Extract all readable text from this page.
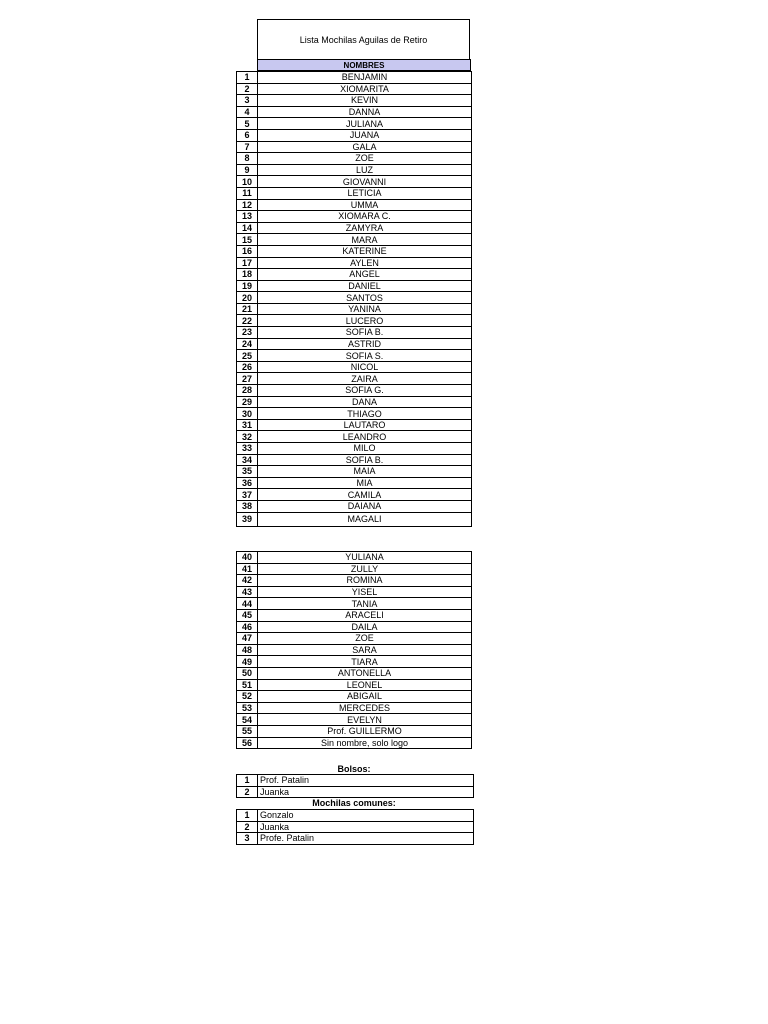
Lista Mochilas Aguilas de Retiro
NOMBRES
1	BENJAMIN
2	XIOMARITA
3	KEVIN
4	DANNA
5	JULIANA
6	JUANA
7	GALA
8	ZOE
9	LUZ
10	GIOVANNI
11	LETICIA
12	UMMA
13	XIOMARA C.
14	ZAMYRA
15	MARA
16	KATERINE
17	AYLEN
18	ANGEL
19	DANIEL
20	SANTOS
21	YANINA
22	LUCERO
23	SOFIA B.
24	ASTRID
25	SOFIA S.
26	NICOL
27	ZAIRA
28	SOFIA G.
29	DANA
30	THIAGO
31	LAUTARO
32	LEANDRO
33	MILO
34	SOFIA B.
35	MAIA
36	MIA
37	CAMILA
38	DAIANA
39	MAGALI
40	YULIANA
41	ZULLY
42	ROMINA
43	YISEL
44	TANIA
45	ARACELI
46	DAILA
47	ZOE
48	SARA
49	TIARA
50	ANTONELLA
51	LEONEL
52	ABIGAIL
53	MERCEDES
54	EVELYN
55	Prof. GUILLERMO
56	Sin nombre, solo logo
Bolsos:
1	Prof. Patalin
2	Juanka
Mochilas comunes:
1	Gonzalo
2	Juanka
3	Profe. Patalin
